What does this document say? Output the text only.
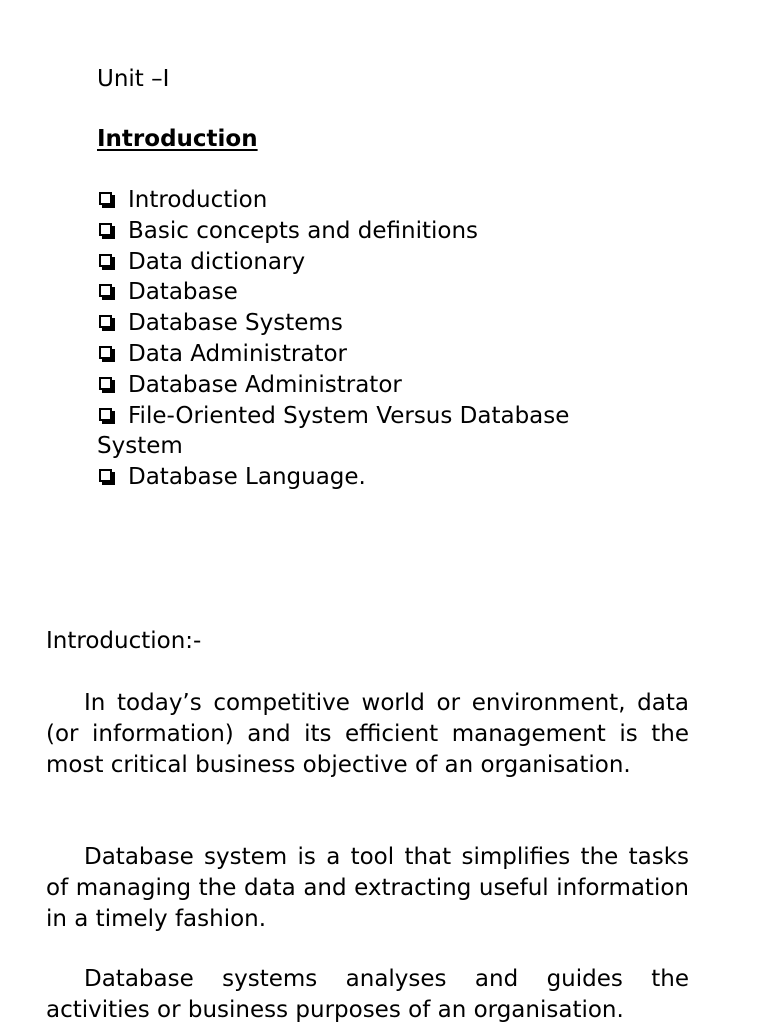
Unit –I
Introduction
Introduction
Basic concepts and definitions
Data dictionary
Database
Database Systems
Data Administrator
Database Administrator
File-Oriented System Versus Database System
Database Language.
Introduction:-

In today’s competitive world or environment, data (or information) and its efficient management is the most critical business objective of an organisation.

Database system is a tool that simplifies the tasks of managing the data and extracting useful information in a timely fashion.

Database systems analyses and guides the activities or business purposes of an organisation.
